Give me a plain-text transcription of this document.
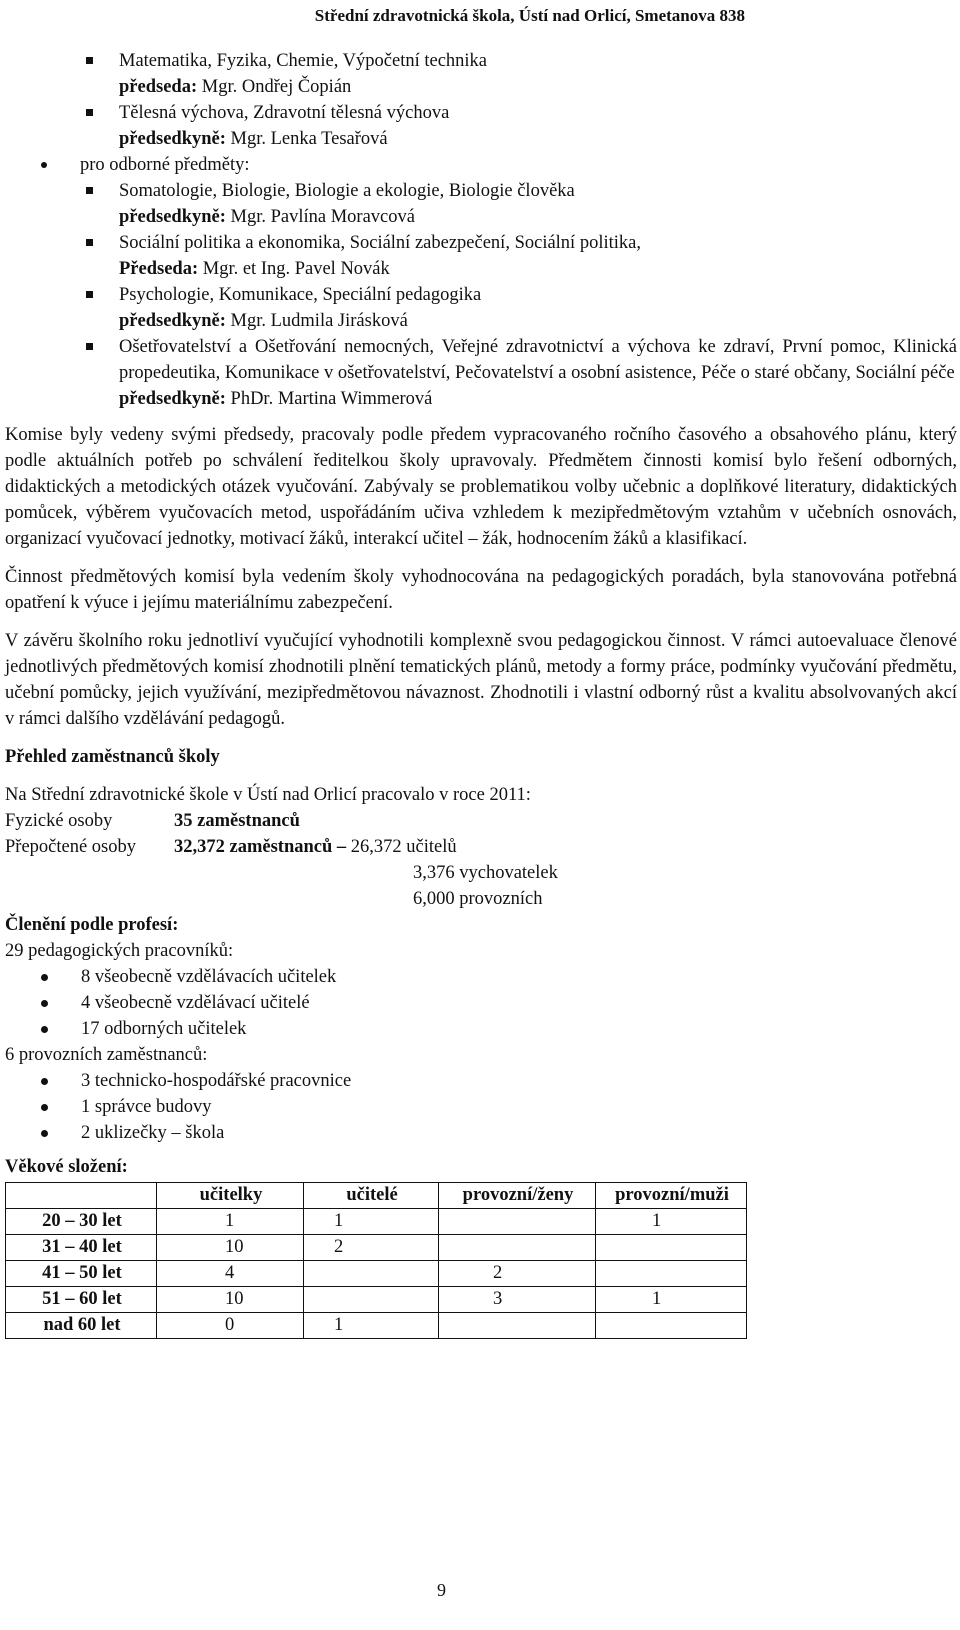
Střední zdravotnická škola, Ústí nad Orlicí, Smetanova 838
Matematika, Fyzika, Chemie, Výpočetní technika
předseda: Mgr. Ondřej Čopián
Tělesná výchova, Zdravotní tělesná výchova
předsedkyně: Mgr. Lenka Tesařová
pro odborné předměty:
Somatologie, Biologie, Biologie a ekologie, Biologie člověka
předsedkyně: Mgr. Pavlína Moravcová
Sociální politika a ekonomika, Sociální zabezpečení, Sociální politika,
Předseda: Mgr. et Ing. Pavel Novák
Psychologie, Komunikace, Speciální pedagogika
předsedkyně: Mgr. Ludmila Jirásková
Ošetřovatelství a Ošetřování nemocných, Veřejné zdravotnictví a výchova ke zdraví, První pomoc, Klinická propedeutika, Komunikace v ošetřovatelství, Pečovatelství a osobní asistence, Péče o staré občany, Sociální péče
předsedkyně: PhDr. Martina Wimmerová

Komise byly vedeny svými předsedy, pracovaly podle předem vypracovaného ročního časového a obsahového plánu, který podle aktuálních potřeb po schválení ředitelkou školy upravovaly. Předmětem činnosti komisí bylo řešení odborných, didaktických a metodických otázek vyučování. Zabývaly se problematikou volby učebnic a doplňkové literatury, didaktických pomůcek, výběrem vyučovacích metod, uspořádáním učiva vzhledem k mezipředmětovým vztahům v učebních osnovách, organizací vyučovací jednotky, motivací žáků, interakcí učitel – žák, hodnocením žáků a klasifikací.

Činnost předmětových komisí byla vedením školy vyhodnocována na pedagogických poradách, byla stanovována potřebná opatření k výuce i jejímu materiálnímu zabezpečení.

V závěru školního roku jednotliví vyučující vyhodnotili komplexně svou pedagogickou činnost. V rámci autoevaluace členové jednotlivých předmětových komisí zhodnotili plnění tematických plánů, metody a formy práce, podmínky vyučování předmětu, učební pomůcky, jejich využívání, mezipředmětovou návaznost. Zhodnotili i vlastní odborný růst a kvalitu absolvovaných akcí v rámci dalšího vzdělávání pedagogů.

Přehled zaměstnanců školy

Na Střední zdravotnické škole v Ústí nad Orlicí pracovalo v roce 2011:

Fyzické osoby	35 zaměstnanců
Přepočtené osoby	32,372 zaměstnanců – 26,372 učitelů
3,376 vychovatelek
6,000 provozních

Členění podle profesí:

29 pedagogických pracovníků:
8 všeobecně vzdělávacích učitelek
4 všeobecně vzdělávací učitelé
17 odborných učitelek
6 provozních zaměstnanců:
3 technicko-hospodářské pracovnice
1 správce budovy
2 uklizečky – škola

Věkové složení:

	učitelky	učitelé	provozní/ženy	provozní/muži
20 – 30 let	1	1		1
31 – 40 let	10	2		
41 – 50 let	4		2	
51 – 60 let	10		3	1
nad 60 let	0	1		
9
